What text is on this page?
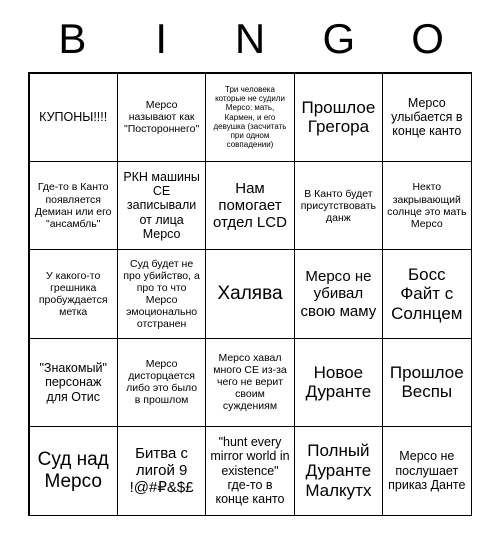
B	I	N	G	O
КУПОНЫ!!!!
Мерсо называют как "Постороннего"
Три человека которые не судили Мерсо: мать, Кармен, и его девушка (засчитать при одном совпадении)
Прошлое Грегора
Мерсо улыбается в конце канто
Где-то в Канто появляется Демиан или его "ансамбль"
РКН машины СЕ записывали от лица Мерсо
Нам помогает отдел LCD
В Канто будет присутствовать данж
Некто закрывающий солнце это мать Мерсо
У какого-то грешника пробуждается метка
Суд будет не про убийство, а про то что Мерсо эмоционально отстранен
Халява
Мерсо не убивал свою маму
Босс Файт с Солнцем
"Знакомый" персонаж для Отис
Мерсо дисторцается либо это было в прошлом
Мерсо хавал много СЕ из-за чего не верит своим суждениям
Новое Дуранте
Прошлое Веспы
Суд над Мерсо
Битва с лигой 9 !@#₽&$£
"hunt every mirror world in existence" где-то в конце канто
Полный Дуранте Малкутх
Мерсо не послушает приказ Данте
